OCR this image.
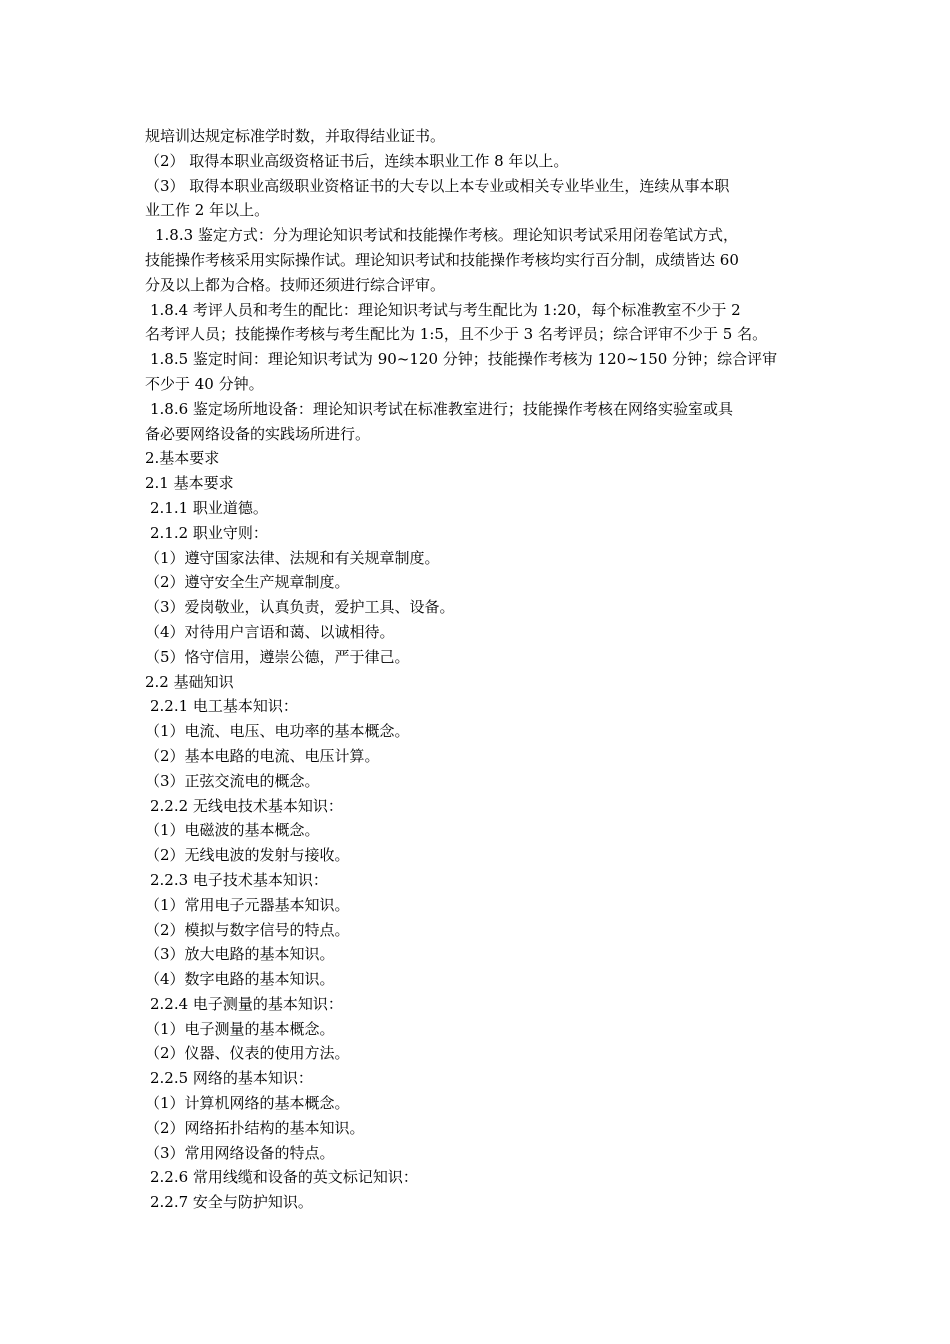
规培训达规定标准学时数，并取得结业证书。
（2） 取得本职业高级资格证书后，连续本职业工作 8 年以上。
（3） 取得本职业高级职业资格证书的大专以上本专业或相关专业毕业生，连续从事本职
业工作 2 年以上。
1.8.3 鉴定方式：分为理论知识考试和技能操作考核。理论知识考试采用闭卷笔试方式，
技能操作考核采用实际操作试。理论知识考试和技能操作考核均实行百分制，成绩皆达 60
分及以上都为合格。技师还须进行综合评审。
1.8.4 考评人员和考生的配比：理论知识考试与考生配比为 1:20，每个标准教室不少于 2
名考评人员；技能操作考核与考生配比为 1:5，且不少于 3 名考评员；综合评审不少于 5 名。
1.8.5 鉴定时间：理论知识考试为 90~120 分钟；技能操作考核为 120~150 分钟；综合评审
不少于 40 分钟。
1.8.6 鉴定场所地设备：理论知识考试在标准教室进行；技能操作考核在网络实验室或具
备必要网络设备的实践场所进行。
2.基本要求
2.1 基本要求
2.1.1 职业道德。
2.1.2 职业守则：
（1）遵守国家法律、法规和有关规章制度。
（2）遵守安全生产规章制度。
（3）爱岗敬业，认真负责，爱护工具、设备。
（4）对待用户言语和蔼、以诚相待。
（5）恪守信用，遵崇公德，严于律己。
2.2 基础知识
2.2.1 电工基本知识：
（1）电流、电压、电功率的基本概念。
（2）基本电路的电流、电压计算。
（3）正弦交流电的概念。
2.2.2 无线电技术基本知识：
（1）电磁波的基本概念。
（2）无线电波的发射与接收。
2.2.3 电子技术基本知识：
（1）常用电子元器基本知识。
（2）模拟与数字信号的特点。
（3）放大电路的基本知识。
（4）数字电路的基本知识。
2.2.4 电子测量的基本知识：
（1）电子测量的基本概念。
（2）仪器、仪表的使用方法。
2.2.5 网络的基本知识：
（1）计算机网络的基本概念。
（2）网络拓扑结构的基本知识。
（3）常用网络设备的特点。
2.2.6 常用线缆和设备的英文标记知识：
2.2.7 安全与防护知识。
